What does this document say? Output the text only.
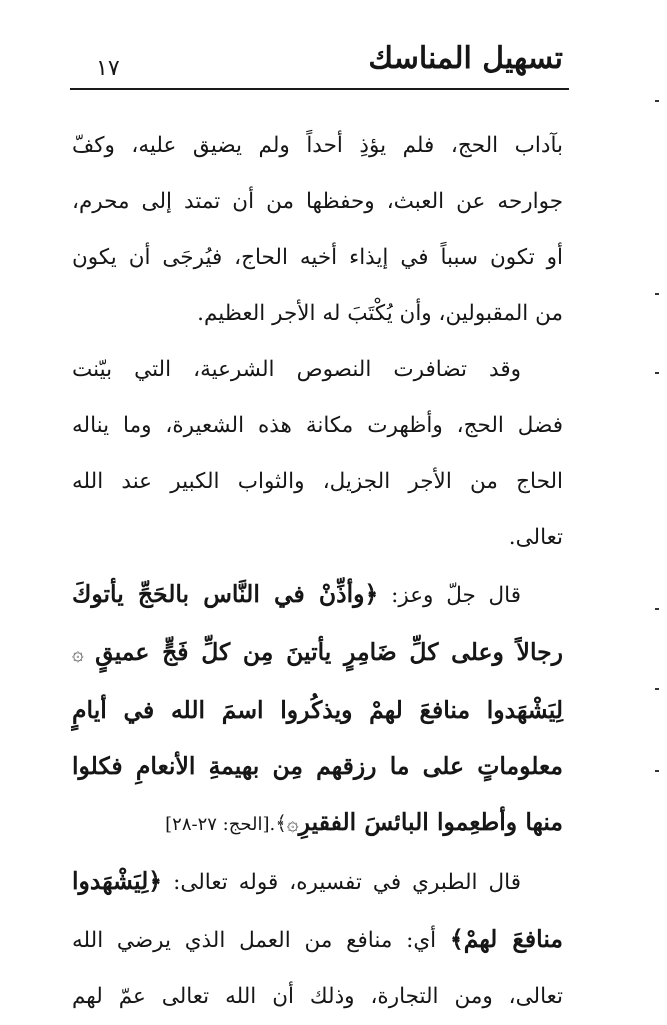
تسهيل المناسك
١٧

بآداب الحج، فلم يؤذِ أحداً ولم يضيق عليه، وكفّ
جوارحه عن العبث، وحفظها من أن تمتد إلى محرم،
أو تكون سبباً في إيذاء أخيه الحاج، فيُرجَى أن يكون
من المقبولين، وأن يُكْتَبَ له الأجر العظيم.

وقد تضافرت النصوص الشرعية، التي بيّنت
فضل الحج، وأظهرت مكانة هذه الشعيرة، وما يناله
الحاج من الأجر الجزيل، والثواب الكبير عند الله
تعالى.

قال جلّ وعز: ﴿وأذِّنْ في النَّاس بالحَجِّ يأتوكَ
رجالاً وعلى كلِّ ضَامِرٍ يأتينَ مِن كلِّ فَجٍّ عميقٍ ۞
لِيَشْهَدوا منافعَ لهمْ ويذكُروا اسمَ الله في أيامٍ
معلوماتٍ على ما رزقهم مِن بهيمةِ الأنعامِ فكلوا
منها وأطعِموا البائسَ الفقيرِ۞﴾.[الحج: ٢٧-٢٨]

قال الطبري في تفسيره، قوله تعالى: ﴿لِيَشْهَدوا
منافعَ لهمْ﴾ أي: منافع من العمل الذي يرضي الله
تعالى، ومن التجارة، وذلك أن الله تعالى عمّ لهم
